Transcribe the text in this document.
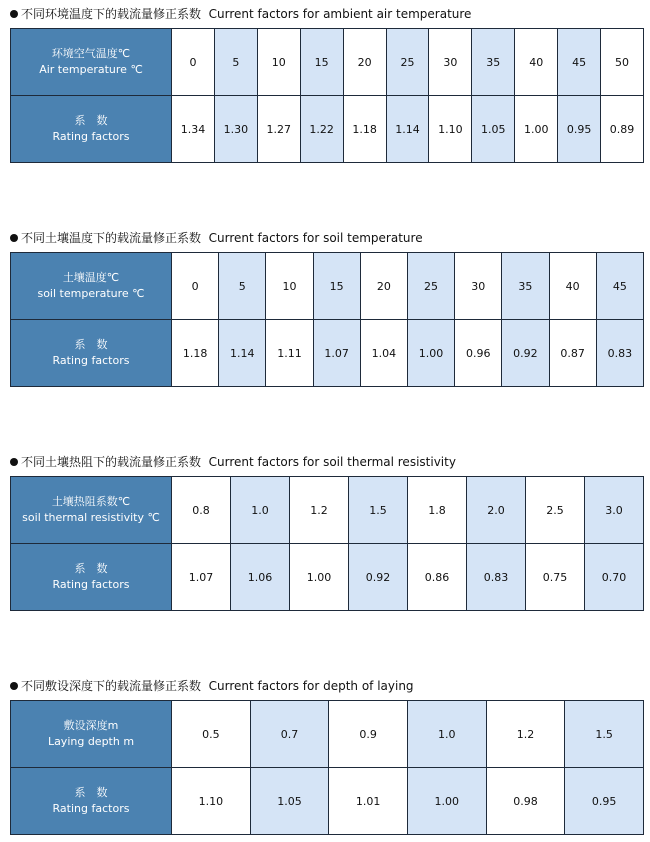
不同环境温度下的载流量修正系数 Current factors for ambient air temperature
环境空气温度℃
Air temperature ℃	0	5	10	15	20	25	30	35	40	45	50

系　数
Rating factors	1.34	1.30	1.27	1.22	1.18	1.14	1.10	1.05	1.00	0.95	0.89
不同土壤温度下的载流量修正系数 Current factors for soil temperature
土壤温度℃
soil temperature ℃	0	5	10	15	20	25	30	35	40	45

系　数
Rating factors	1.18	1.14	1.11	1.07	1.04	1.00	0.96	0.92	0.87	0.83
不同土壤热阻下的载流量修正系数 Current factors for soil thermal resistivity
土壤热阻系数℃
soil thermal resistivity ℃	0.8	1.0	1.2	1.5	1.8	2.0	2.5	3.0

系　数
Rating factors	1.07	1.06	1.00	0.92	0.86	0.83	0.75	0.70
不同敷设深度下的载流量修正系数 Current factors for depth of laying
敷设深度m
Laying depth m	0.5	0.7	0.9	1.0	1.2	1.5

系　数
Rating factors	1.10	1.05	1.01	1.00	0.98	0.95
